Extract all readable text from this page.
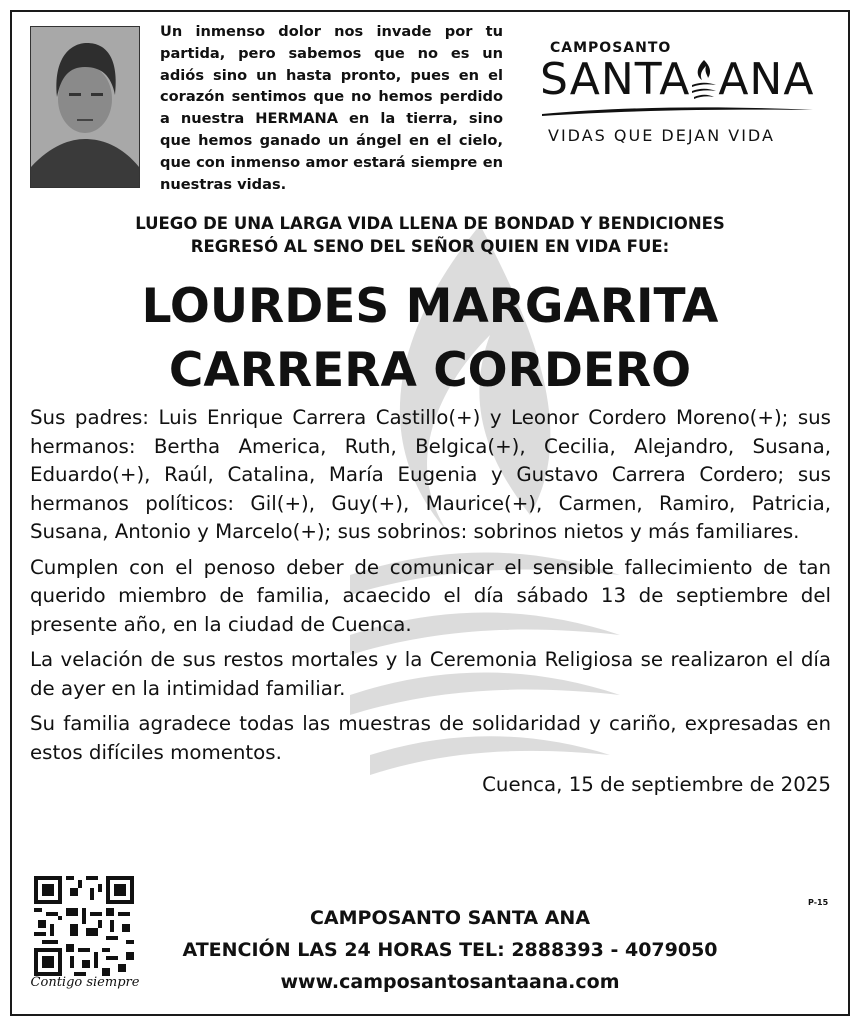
Un inmenso dolor nos invade por tu partida, pero sabemos que no es un adiós sino un hasta pronto, pues en el corazón sentimos que no hemos perdido a nuestra HERMANA en la tierra, sino que hemos ganado un ángel en el cielo, que con inmenso amor estará siempre en nuestras vidas.
CAMPOSANTO
SANTA ANA
VIDAS QUE DEJAN VIDA
LUEGO DE UNA LARGA VIDA LLENA DE BONDAD Y BENDICIONES
REGRESÓ AL SENO DEL SEÑOR QUIEN EN VIDA FUE:
LOURDES MARGARITA
CARRERA CORDERO

Sus padres: Luis Enrique Carrera Castillo(+) y Leonor Cordero Moreno(+); sus hermanos: Bertha America, Ruth, Belgica(+), Cecilia, Alejandro, Susana, Eduardo(+), Raúl, Catalina, María Eugenia y Gustavo Carrera Cordero; sus hermanos políticos: Gil(+), Guy(+), Maurice(+), Carmen, Ramiro, Patricia, Susana, Antonio y Marcelo(+); sus sobrinos: sobrinos nietos y más familiares.

Cumplen con el penoso deber de comunicar el sensible fallecimiento de tan querido miembro de familia, acaecido el día sábado 13 de septiembre del presente año, en la ciudad de Cuenca.

La velación de sus restos mortales y la Ceremonia Religiosa se realizaron el día de ayer en la intimidad familiar.

Su familia agradece todas las muestras de solidaridad y cariño, expresadas en estos difíciles momentos.

Cuenca, 15 de septiembre de 2025
Contigo siempre
P-15
CAMPOSANTO SANTA ANA
ATENCIÓN LAS 24 HORAS TEL: 2888393 - 4079050
www.camposantosantaana.com
